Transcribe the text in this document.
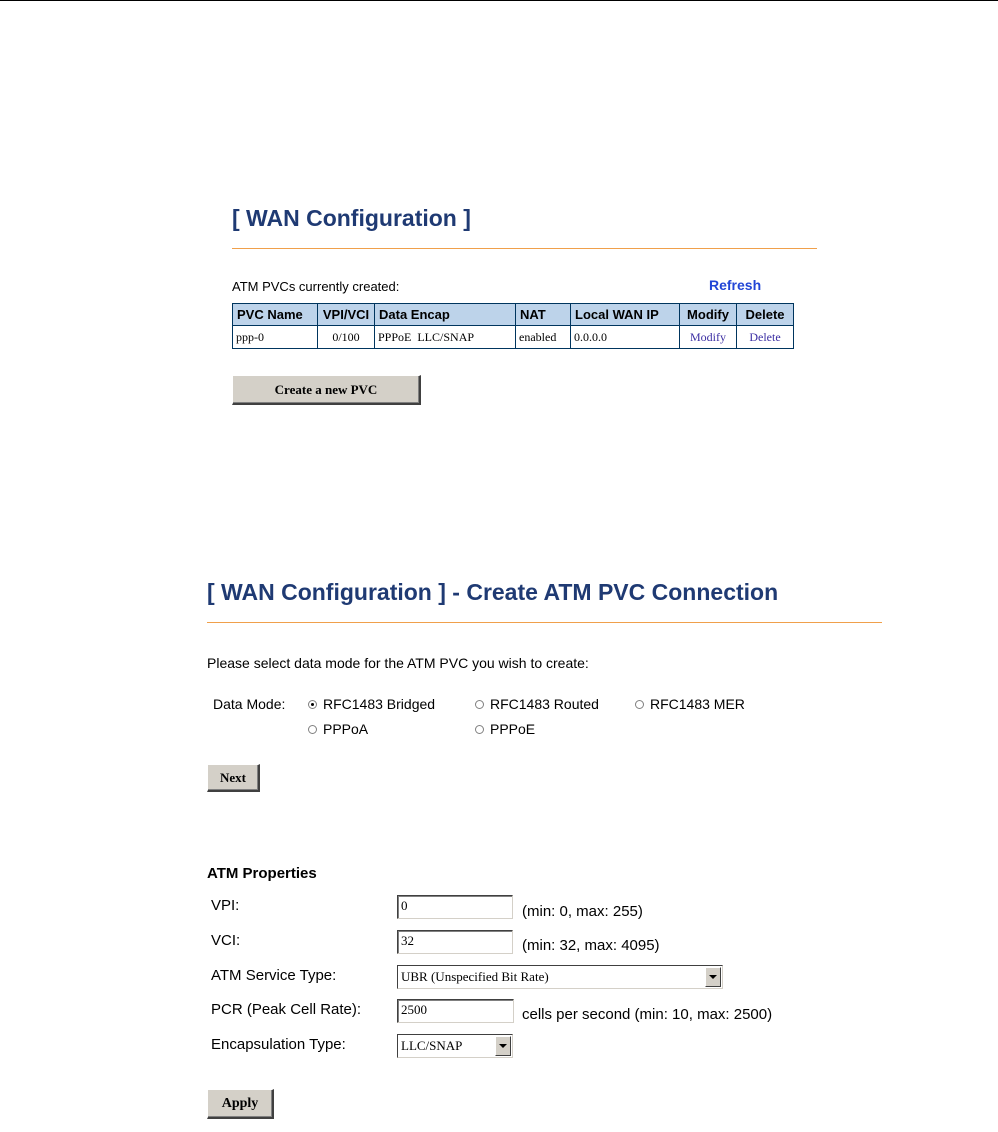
[ WAN Configuration ]
ATM PVCs currently created:	Refresh
PVC Name	VPI/VCI	Data Encap	NAT	Local WAN IP	Modify	Delete
ppp-0	0/100	PPPoE  LLC/SNAP	enabled	0.0.0.0	Modify	Delete
Create a new PVC
[ WAN Configuration ] - Create ATM PVC Connection
Please select data mode for the ATM PVC you wish to create:
Data Mode:	RFC1483 Bridged	RFC1483 Routed	RFC1483 MER
PPPoA	PPPoE
Next
ATM Properties
VPI:	0	(min: 0, max: 255)
VCI:	32	(min: 32, max: 4095)
ATM Service Type:	UBR (Unspecified Bit Rate)
PCR (Peak Cell Rate):	2500	cells per second (min: 10, max: 2500)
Encapsulation Type:	LLC/SNAP
Apply
